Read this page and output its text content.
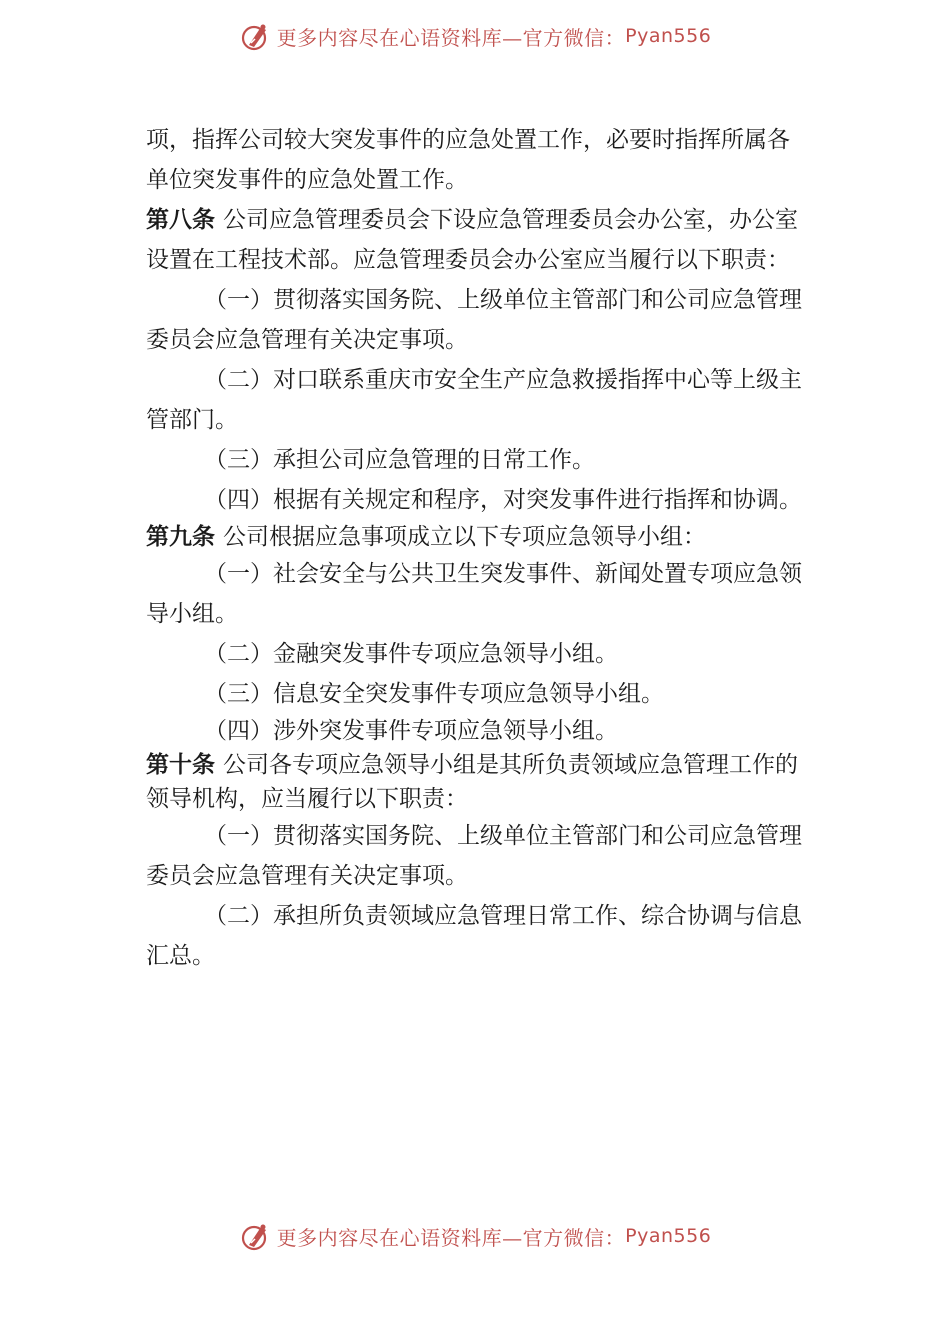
更多内容尽在心语资料库—官方微信： Pyan556

项，指挥公司较大突发事件的应急处置工作，必要时指挥所属各单位突发事件的应急处置工作。

第八条 公司应急管理委员会下设应急管理委员会办公室，办公室设置在工程技术部。应急管理委员会办公室应当履行以下职责：

（一）贯彻落实国务院、上级单位主管部门和公司应急管理委员会应急管理有关决定事项。

（二）对口联系重庆市安全生产应急救援指挥中心等上级主管部门。

（三）承担公司应急管理的日常工作。

（四）根据有关规定和程序，对突发事件进行指挥和协调。

第九条 公司根据应急事项成立以下专项应急领导小组：

（一）社会安全与公共卫生突发事件、新闻处置专项应急领导小组。

（二）金融突发事件专项应急领导小组。

（三）信息安全突发事件专项应急领导小组。

（四）涉外突发事件专项应急领导小组。

第十条 公司各专项应急领导小组是其所负责领域应急管理工作的领导机构，应当履行以下职责：

（一）贯彻落实国务院、上级单位主管部门和公司应急管理委员会应急管理有关决定事项。

（二）承担所负责领域应急管理日常工作、综合协调与信息汇总。

更多内容尽在心语资料库—官方微信： Pyan556
